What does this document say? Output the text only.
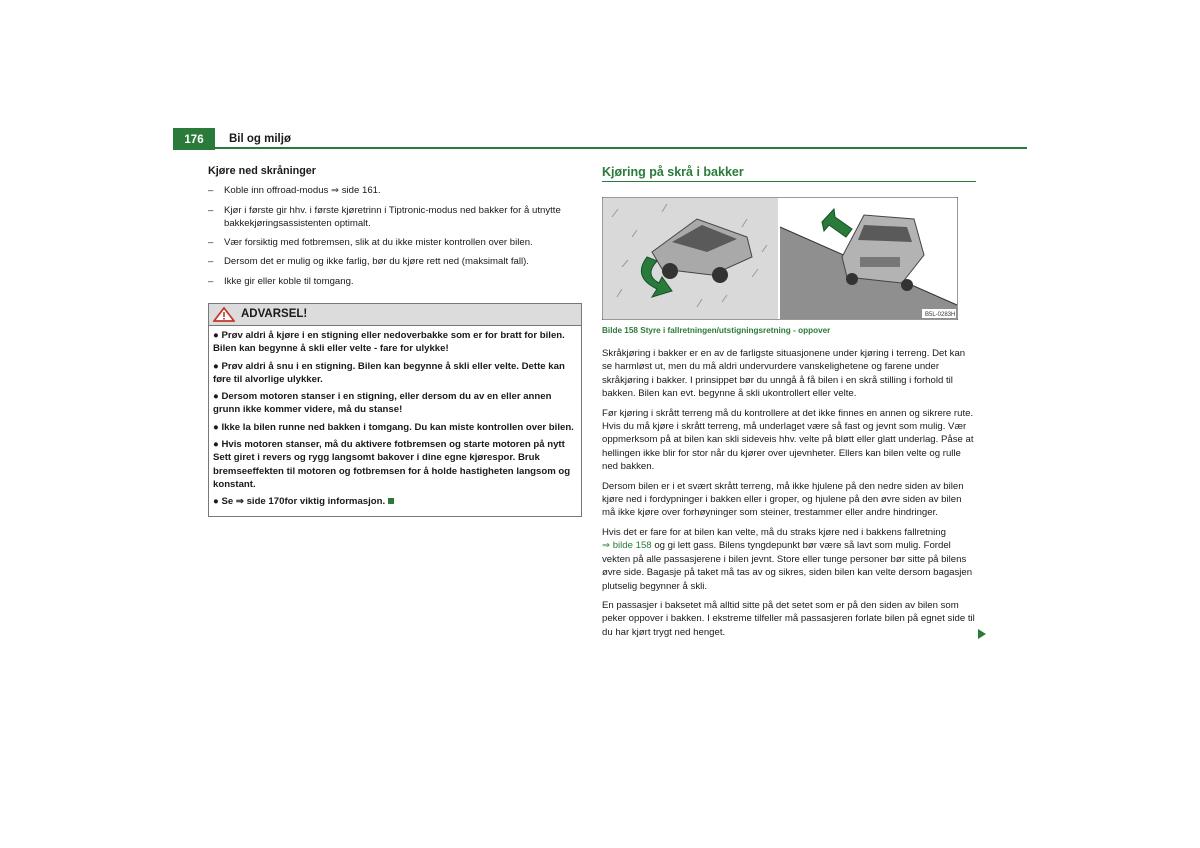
176	Bil og miljø
Kjøre ned skråninger
– Koble inn offroad-modus ⇒ side 161.
– Kjør i første gir hhv. i første kjøretrinn i Tiptronic-modus ned bakker for å utnytte bakkekjøringsassistenten optimalt.
– Vær forsiktig med fotbremsen, slik at du ikke mister kontrollen over bilen.
– Dersom det er mulig og ikke farlig, bør du kjøre rett ned (maksimalt fall).
– Ikke gir eller koble til tomgang.
ADVARSEL!

● Prøv aldri å kjøre i en stigning eller nedoverbakke som er for bratt for bilen. Bilen kan begynne å skli eller velte - fare for ulykke!

● Prøv aldri å snu i en stigning. Bilen kan begynne å skli eller velte. Dette kan føre til alvorlige ulykker.

● Dersom motoren stanser i en stigning, eller dersom du av en eller annen grunn ikke kommer videre, må du stanse!

● Ikke la bilen runne ned bakken i tomgang. Du kan miste kontrollen over bilen.

● Hvis motoren stanser, må du aktivere fotbremsen og starte motoren på nytt Sett giret i revers og rygg langsomt bakover i dine egne kjørespor. Bruk bremseeffekten til motoren og fotbremsen for å holde hastigheten langsom og konstant.

● Se ⇒ side 170for viktig informasjon.

Kjøring på skrå i bakker
B5L-0283H
Bilde 158 Styre i fallretningen/utstigningsretning - oppover

Skråkjøring i bakker er en av de farligste situasjonene under kjøring i terreng. Det kan se harmløst ut, men du må aldri undervurdere vanskelighetene og farene under skråkjøring i bakker. I prinsippet bør du unngå å få bilen i en skrå stilling i forhold til bakken. Bilen kan evt. begynne å skli ukontrollert eller velte.

Før kjøring i skrått terreng må du kontrollere at det ikke finnes en annen og sikrere rute. Hvis du må kjøre i skrått terreng, må underlaget være så fast og jevnt som mulig. Vær oppmerksom på at bilen kan skli sideveis hhv. velte på bløtt eller glatt underlag. Påse at hellingen ikke blir for stor når du kjører over ujevnheter. Ellers kan bilen velte og rulle ned bakken.

Dersom bilen er i et svært skrått terreng, må ikke hjulene på den nedre siden av bilen kjøre ned i fordypninger i bakken eller i groper, og hjulene på den øvre siden av bilen må ikke kjøre over forhøyninger som steiner, trestammer eller andre hindringer.

Hvis det er fare for at bilen kan velte, må du straks kjøre ned i bakkens fallretning
⇒ bilde 158 og gi lett gass. Bilens tyngdepunkt bør være så lavt som mulig. Fordel vekten på alle passasjerene i bilen jevnt. Store eller tunge personer bør sitte på bilens øvre side. Bagasje på taket må tas av og sikres, siden bilen kan velte dersom bagasjen plutselig begynner å skli.

En passasjer i baksetet må alltid sitte på det setet som er på den siden av bilen som peker oppover i bakken. I ekstreme tilfeller må passasjeren forlate bilen på egnet side til du har kjørt trygt ned henget.
